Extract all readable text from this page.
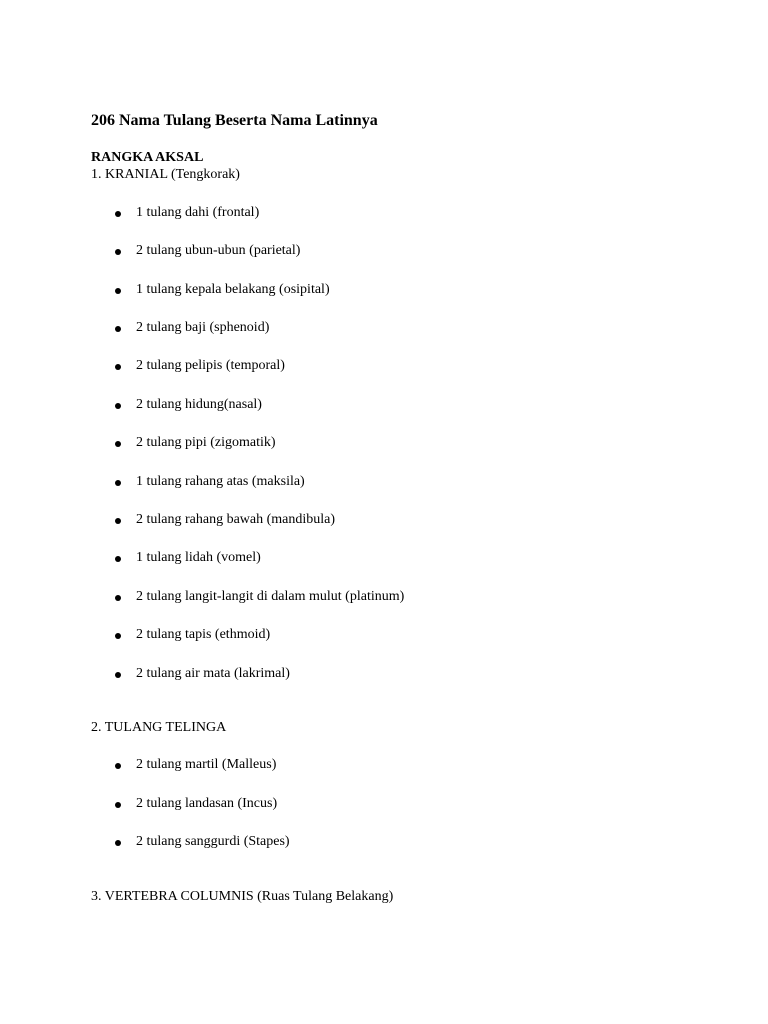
206 Nama Tulang Beserta Nama Latinnya
RANGKA AKSAL
1. KRANIAL (Tengkorak)
1 tulang dahi (frontal)
2 tulang ubun-ubun (parietal)
1 tulang kepala belakang (osipital)
2 tulang baji (sphenoid)
2 tulang pelipis (temporal)
2 tulang hidung(nasal)
2 tulang pipi (zigomatik)
1 tulang rahang atas (maksila)
2 tulang rahang bawah (mandibula)
1 tulang lidah (vomel)
2 tulang langit-langit di dalam mulut (platinum)
2 tulang tapis (ethmoid)
2 tulang air mata (lakrimal)
2. TULANG TELINGA
2 tulang martil (Malleus)
2 tulang landasan (Incus)
2 tulang sanggurdi (Stapes)
3. VERTEBRA COLUMNIS (Ruas Tulang Belakang)
